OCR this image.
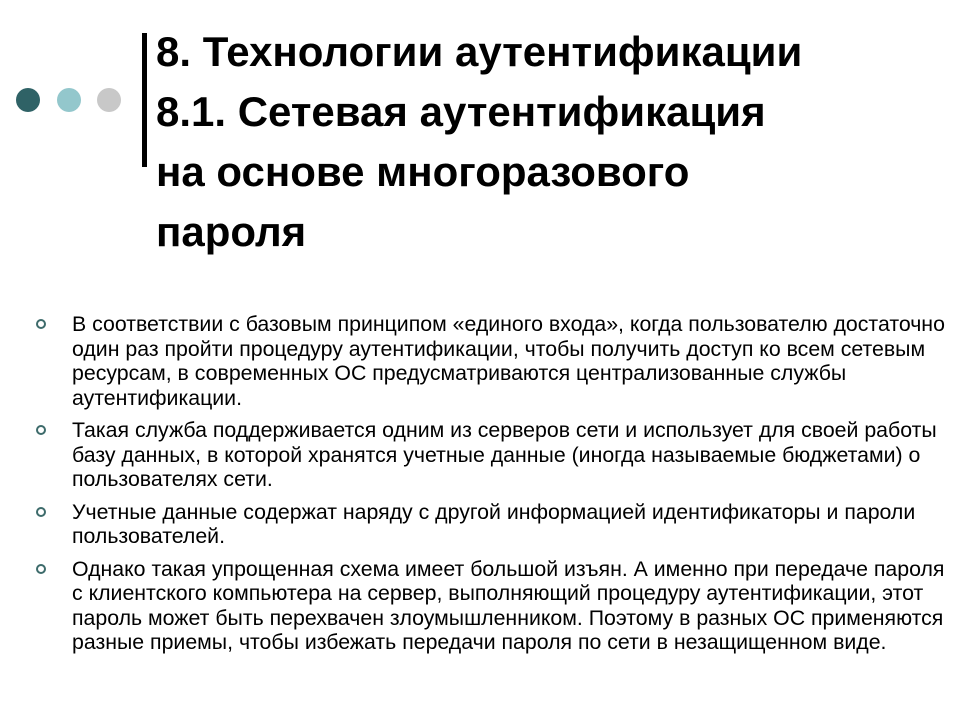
8. Технологии аутентификации
8.1. Сетевая аутентификация
на основе многоразового
пароля
В соответствии с базовым принципом «единого входа», когда пользователю достаточно один раз пройти процедуру аутентификации, чтобы получить доступ ко всем сетевым ресурсам, в современных ОС предусматриваются централизованные службы аутентификации.
Такая служба поддерживается одним из серверов сети и использует для своей работы базу данных, в которой хранятся учетные данные (иногда называемые бюджетами) о пользователях сети.
Учетные данные содержат наряду с другой информацией идентификаторы и пароли пользователей.
Однако такая упрощенная схема имеет большой изъян. А именно при передаче пароля с клиентского компьютера на сервер, выполняющий процедуру аутентификации, этот пароль может быть перехвачен злоумышленником. Поэтому в разных ОС применяются разные приемы, чтобы избежать передачи пароля по сети в незащищенном виде.
